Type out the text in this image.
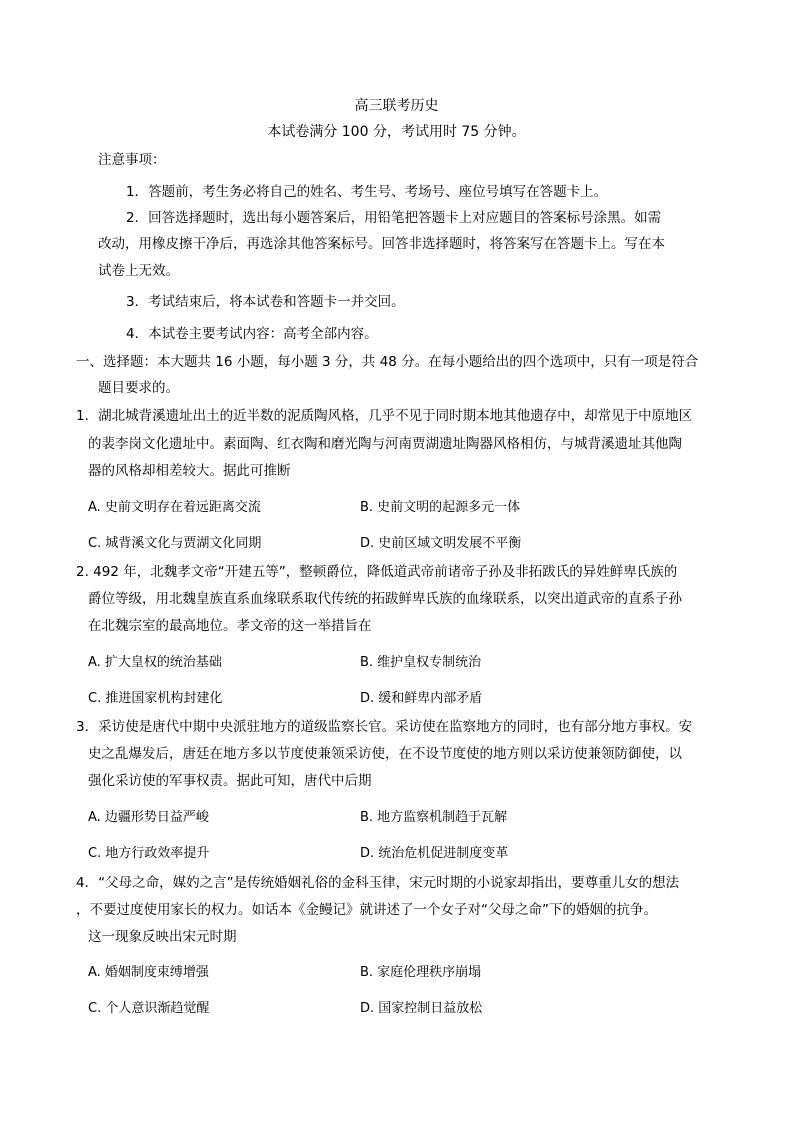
高三联考历史
本试卷满分 100 分，考试用时 75 分钟。
注意事项：
1．答题前，考生务必将自己的姓名、考生号、考场号、座位号填写在答题卡上。
2．回答选择题时，选出每小题答案后，用铅笔把答题卡上对应题目的答案标号涂黑。如需
改动，用橡皮擦干净后，再选涂其他答案标号。回答非选择题时，将答案写在答题卡上。写在本
试卷上无效。
3．考试结束后，将本试卷和答题卡一并交回。
4．本试卷主要考试内容：高考全部内容。
一、选择题：本大题共 16 小题，每小题 3 分，共 48 分。在每小题给出的四个选项中，只有一项是符合
题目要求的。
1．湖北城背溪遗址出土的近半数的泥质陶风格，几乎不见于同时期本地其他遗存中，却常见于中原地区
的裴李岗文化遗址中。素面陶、红衣陶和磨光陶与河南贾湖遗址陶器风格相仿，与城背溪遗址其他陶
器的风格却相差较大。据此可推断
A. 史前文明存在着远距离交流	B. 史前文明的起源多元一体
C. 城背溪文化与贾湖文化同期	D. 史前区域文明发展不平衡
2. 492 年，北魏孝文帝“开建五等”，整顿爵位，降低道武帝前诸帝子孙及非拓跋氏的异姓鲜卑氏族的
爵位等级，用北魏皇族直系血缘联系取代传统的拓跋鲜卑氏族的血缘联系，以突出道武帝的直系子孙
在北魏宗室的最高地位。孝文帝的这一举措旨在
A. 扩大皇权的统治基础	B. 维护皇权专制统治
C. 推进国家机构封建化	D. 缓和鲜卑内部矛盾
3．采访使是唐代中期中央派驻地方的道级监察长官。采访使在监察地方的同时，也有部分地方事权。安
史之乱爆发后，唐廷在地方多以节度使兼领采访使，在不设节度使的地方则以采访使兼领防御使，以
强化采访使的军事权责。据此可知，唐代中后期
A. 边疆形势日益严峻	B. 地方监察机制趋于瓦解
C. 地方行政效率提升	D. 统治危机促进制度变革
4．“父母之命，媒妁之言”是传统婚姻礼俗的金科玉律，宋元时期的小说家却指出，要尊重儿女的想法
，不要过度使用家长的权力。如话本《金鳗记》就讲述了一个女子对“父母之命”下的婚姻的抗争。
这一现象反映出宋元时期
A. 婚姻制度束缚增强	B. 家庭伦理秩序崩塌
C. 个人意识渐趋觉醒	D. 国家控制日益放松
